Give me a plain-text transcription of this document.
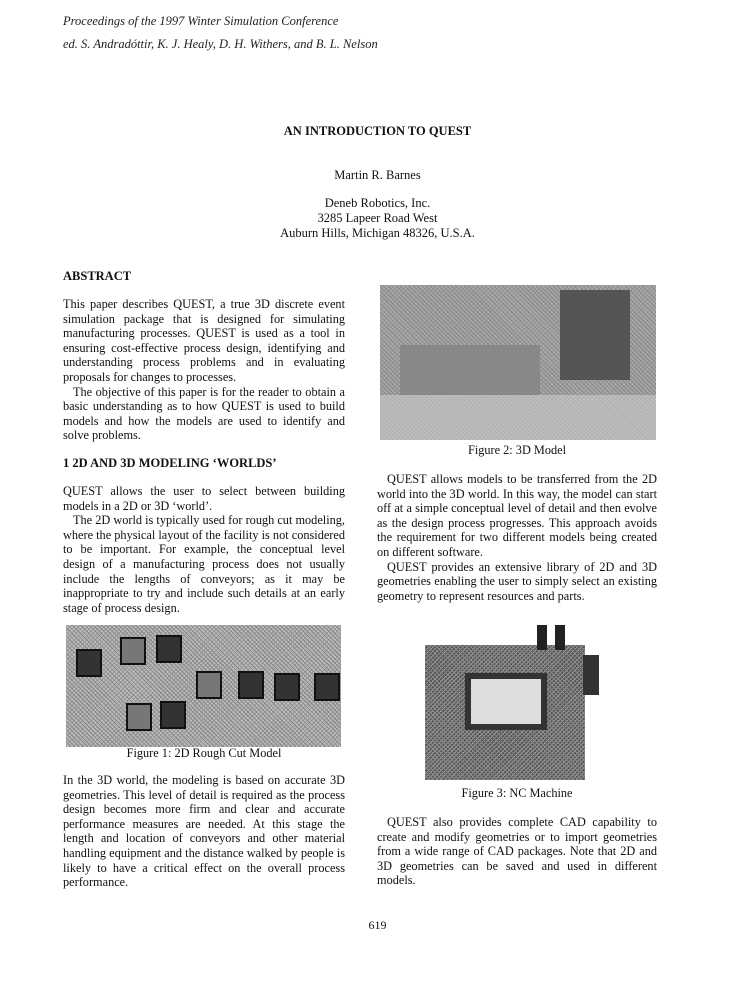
Proceedings of the 1997 Winter Simulation Conference
ed. S. Andradóttir, K. J. Healy, D. H. Withers, and B. L. Nelson
AN INTRODUCTION TO QUEST
Martin R. Barnes
Deneb Robotics, Inc.
3285 Lapeer Road West
Auburn Hills, Michigan 48326, U.S.A.
ABSTRACT

This paper describes QUEST, a true 3D discrete event simulation package that is designed for simulating manufacturing processes. QUEST is used as a tool in ensuring cost-effective process design, identifying and understanding process problems and in evaluating proposals for changes to processes.

The objective of this paper is for the reader to obtain a basic understanding as to how QUEST is used to build models and how the models are used to identify and solve problems.

1 2D AND 3D MODELING ‘WORLDS’

QUEST allows the user to select between building models in a 2D or 3D ‘world’.

The 2D world is typically used for rough cut modeling, where the physical layout of the facility is not considered to be important. For example, the conceptual level design of a manufacturing process does not usually include the lengths of conveyors; as it may be inappropriate to try and include such details at an early stage of process design.

Figure 1: 2D Rough Cut Model

In the 3D world, the modeling is based on accurate 3D geometries. This level of detail is required as the process design becomes more firm and clear and accurate performance measures are needed. At this stage the length and location of conveyors and other material handling equipment and the distance walked by people is likely to have a critical effect on the overall process performance.

Figure 2: 3D Model

QUEST allows models to be transferred from the 2D world into the 3D world. In this way, the model can start off at a simple conceptual level of detail and then evolve as the design process progresses. This approach avoids the requirement for two different models being created on different software.

QUEST provides an extensive library of 2D and 3D geometries enabling the user to simply select an existing geometry to represent resources and parts.

Figure 3: NC Machine

QUEST also provides complete CAD capability to create and modify geometries or to import geometries from a wide range of CAD packages. Note that 2D and 3D geometries can be saved and used in different models.

619
